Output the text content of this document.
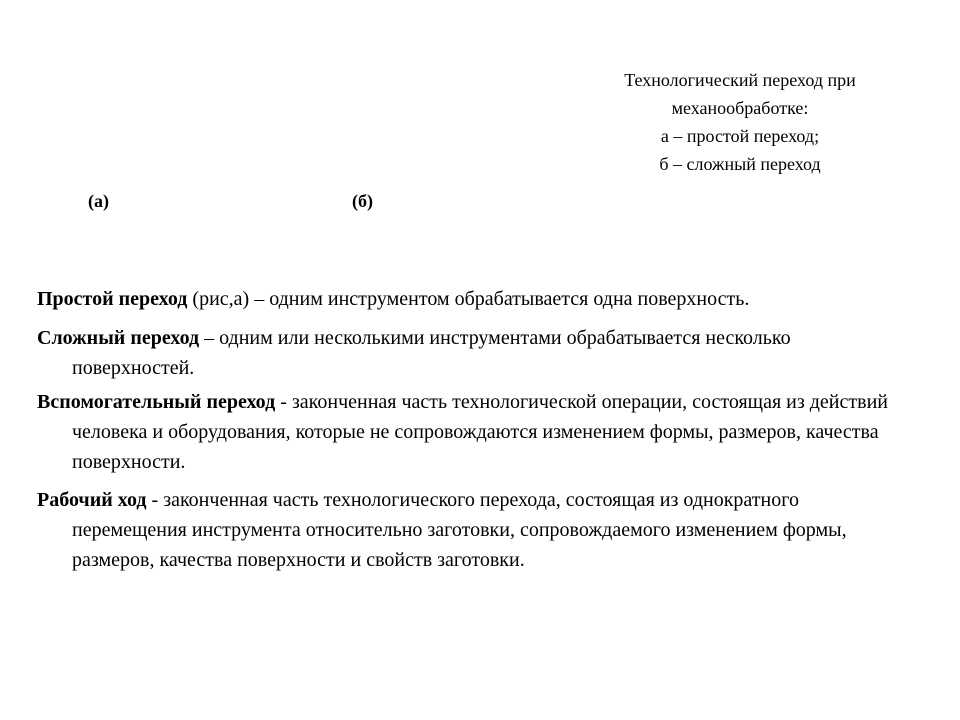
Технологический переход при
механообработке:
а – простой переход;
б – сложный переход
(а)	(б)
Простой переход (рис,а) – одним инструментом обрабатывается одна поверхность.
Сложный переход – одним или несколькими инструментами обрабатывается несколько поверхностей.
Вспомогательный переход - законченная часть технологической операции, состоящая из действий человека и оборудования, которые не сопровождаются изменением формы, размеров, качества поверхности.
Рабочий ход - законченная часть технологического перехода, состоящая из однократного перемещения инструмента относительно заготовки, сопровождаемого изменением формы, размеров, качества поверхности и свойств заготовки.
